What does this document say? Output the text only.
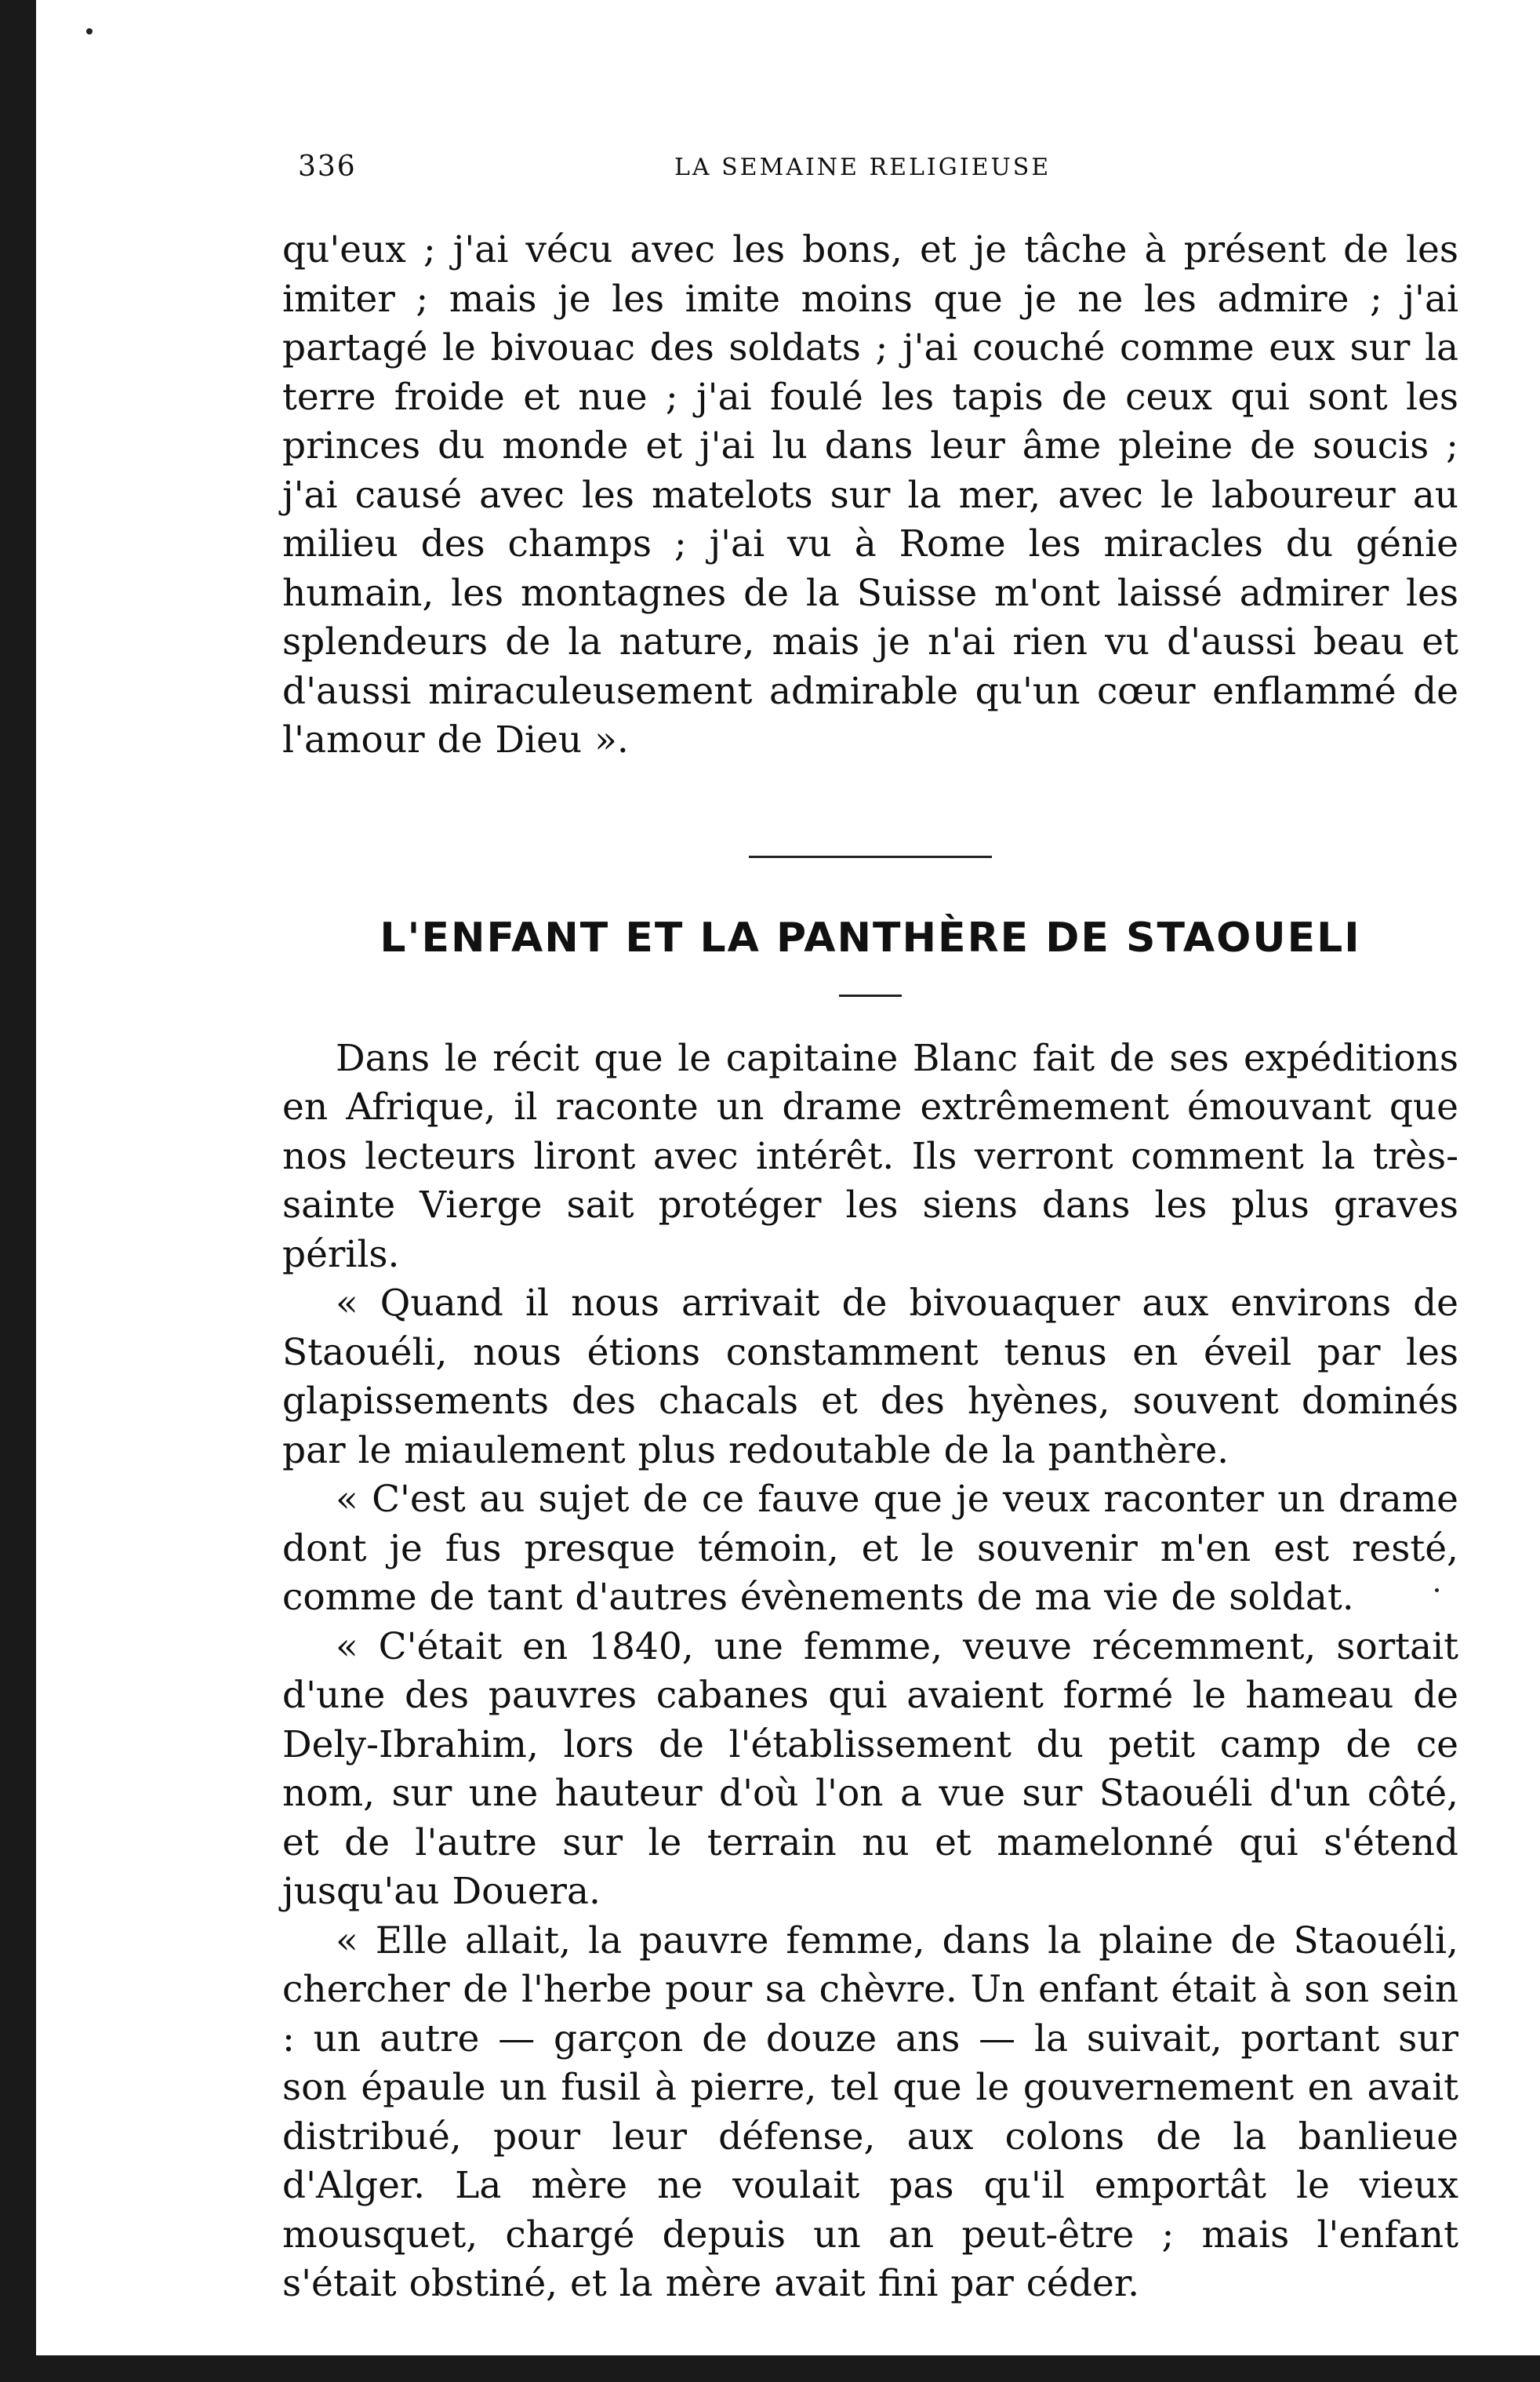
336	LA SEMAINE RELIGIEUSE

qu'eux ; j'ai vécu avec les bons, et je tâche à présent de les imiter ; mais je les imite moins que je ne les admire ; j'ai partagé le bivouac des soldats ; j'ai couché comme eux sur la terre froide et nue ; j'ai foulé les tapis de ceux qui sont les princes du monde et j'ai lu dans leur âme pleine de soucis ; j'ai causé avec les matelots sur la mer, avec le laboureur au milieu des champs ; j'ai vu à Rome les miracles du génie humain, les montagnes de la Suisse m'ont laissé admirer les splendeurs de la nature, mais je n'ai rien vu d'aussi beau et d'aussi miraculeusement admirable qu'un cœur enflammé de l'amour de Dieu ».

L'ENFANT ET LA PANTHÈRE DE STAOUELI

Dans le récit que le capitaine Blanc fait de ses expéditions en Afrique, il raconte un drame extrêmement émouvant que nos lecteurs liront avec intérêt. Ils verront comment la très-sainte Vierge sait protéger les siens dans les plus graves périls.

« Quand il nous arrivait de bivouaquer aux environs de Staouéli, nous étions constamment tenus en éveil par les glapissements des chacals et des hyènes, souvent dominés par le miaulement plus redoutable de la panthère.

« C'est au sujet de ce fauve que je veux raconter un drame dont je fus presque témoin, et le souvenir m'en est resté, comme de tant d'autres évènements de ma vie de soldat.

« C'était en 1840, une femme, veuve récemment, sortait d'une des pauvres cabanes qui avaient formé le hameau de Dely-Ibrahim, lors de l'établissement du petit camp de ce nom, sur une hauteur d'où l'on a vue sur Staouéli d'un côté, et de l'autre sur le terrain nu et mamelonné qui s'étend jusqu'au Douera.

« Elle allait, la pauvre femme, dans la plaine de Staouéli, chercher de l'herbe pour sa chèvre. Un enfant était à son sein : un autre — garçon de douze ans — la suivait, portant sur son épaule un fusil à pierre, tel que le gouvernement en avait distribué, pour leur défense, aux colons de la banlieue d'Alger. La mère ne voulait pas qu'il emportât le vieux mousquet, chargé depuis un an peut-être ; mais l'enfant s'était obstiné, et la mère avait fini par céder.
